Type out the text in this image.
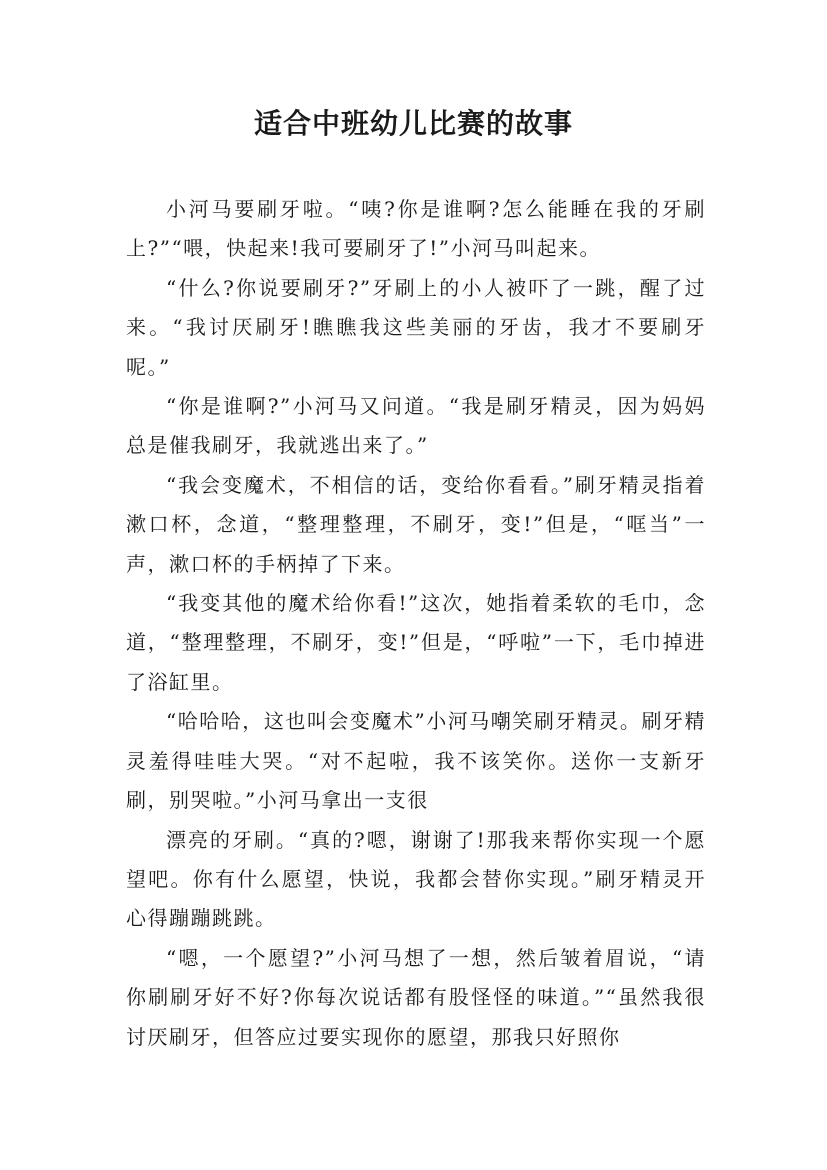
适合中班幼儿比赛的故事

小河马要刷牙啦。“咦?你是谁啊?怎么能睡在我的牙刷上?”“喂，快起来!我可要刷牙了!”小河马叫起来。

“什么?你说要刷牙?”牙刷上的小人被吓了一跳，醒了过来。“我讨厌刷牙!瞧瞧我这些美丽的牙齿，我才不要刷牙呢。”

“你是谁啊?”小河马又问道。“我是刷牙精灵，因为妈妈总是催我刷牙，我就逃出来了。”

“我会变魔术，不相信的话，变给你看看。”刷牙精灵指着漱口杯，念道，“整理整理，不刷牙，变!”但是，“哐当”一声，漱口杯的手柄掉了下来。

“我变其他的魔术给你看!”这次，她指着柔软的毛巾，念道，“整理整理，不刷牙，变!”但是，“呼啦”一下，毛巾掉进了浴缸里。

“哈哈哈，这也叫会变魔术”小河马嘲笑刷牙精灵。刷牙精灵羞得哇哇大哭。“对不起啦，我不该笑你。送你一支新牙刷，别哭啦。”小河马拿出一支很

漂亮的牙刷。“真的?嗯，谢谢了!那我来帮你实现一个愿望吧。你有什么愿望，快说，我都会替你实现。”刷牙精灵开心得蹦蹦跳跳。

“嗯，一个愿望?”小河马想了一想，然后皱着眉说，“请你刷刷牙好不好?你每次说话都有股怪怪的味道。”“虽然我很讨厌刷牙，但答应过要实现你的愿望，那我只好照你
